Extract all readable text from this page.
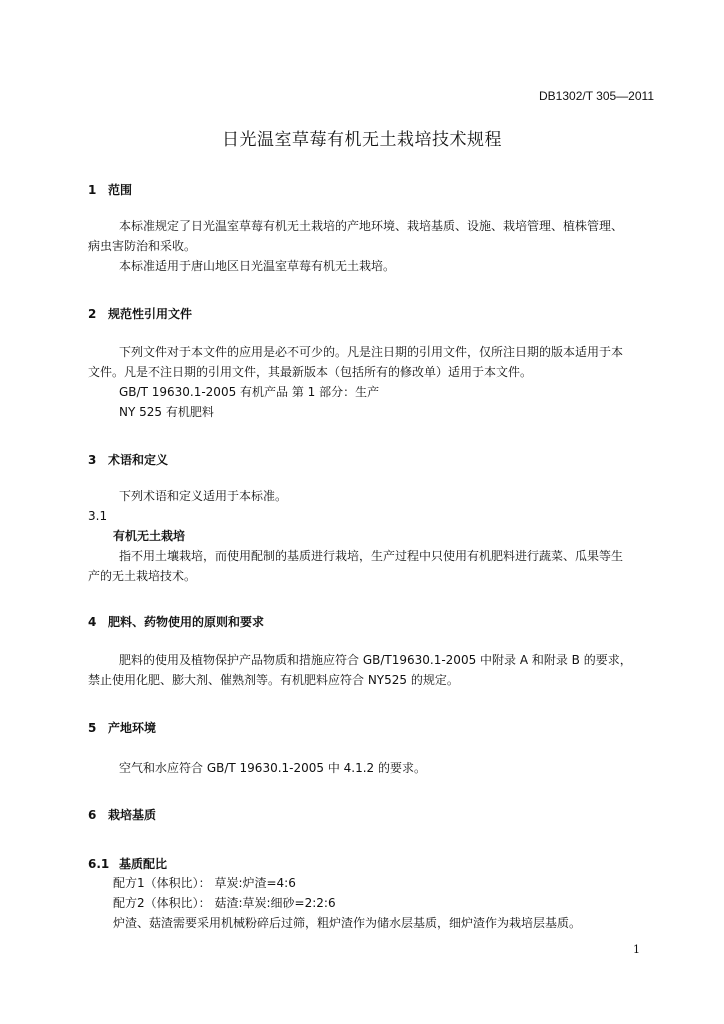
DB1302/T 305—2011
日光温室草莓有机无土栽培技术规程
1 范围
本标准规定了日光温室草莓有机无土栽培的产地环境、栽培基质、设施、栽培管理、植株管理、
病虫害防治和采收。
本标准适用于唐山地区日光温室草莓有机无土栽培。
2 规范性引用文件
下列文件对于本文件的应用是必不可少的。凡是注日期的引用文件，仅所注日期的版本适用于本
文件。凡是不注日期的引用文件，其最新版本（包括所有的修改单）适用于本文件。
GB/T 19630.1-2005 有机产品 第 1 部分：生产
NY 525 有机肥料
3 术语和定义
下列术语和定义适用于本标准。
3.1
有机无土栽培
指不用土壤栽培，而使用配制的基质进行栽培，生产过程中只使用有机肥料进行蔬菜、瓜果等生
产的无土栽培技术。
4 肥料、药物使用的原则和要求
肥料的使用及植物保护产品物质和措施应符合 GB/T19630.1-2005 中附录 A 和附录 B 的要求，
禁止使用化肥、膨大剂、催熟剂等。有机肥料应符合 NY525 的规定。
5 产地环境
空气和水应符合 GB/T 19630.1-2005 中 4.1.2 的要求。
6 栽培基质
6.1 基质配比
配方1（体积比）： 草炭:炉渣=4:6
配方2（体积比）： 菇渣:草炭:细砂=2:2:6
炉渣、菇渣需要采用机械粉碎后过筛，粗炉渣作为储水层基质，细炉渣作为栽培层基质。
1
